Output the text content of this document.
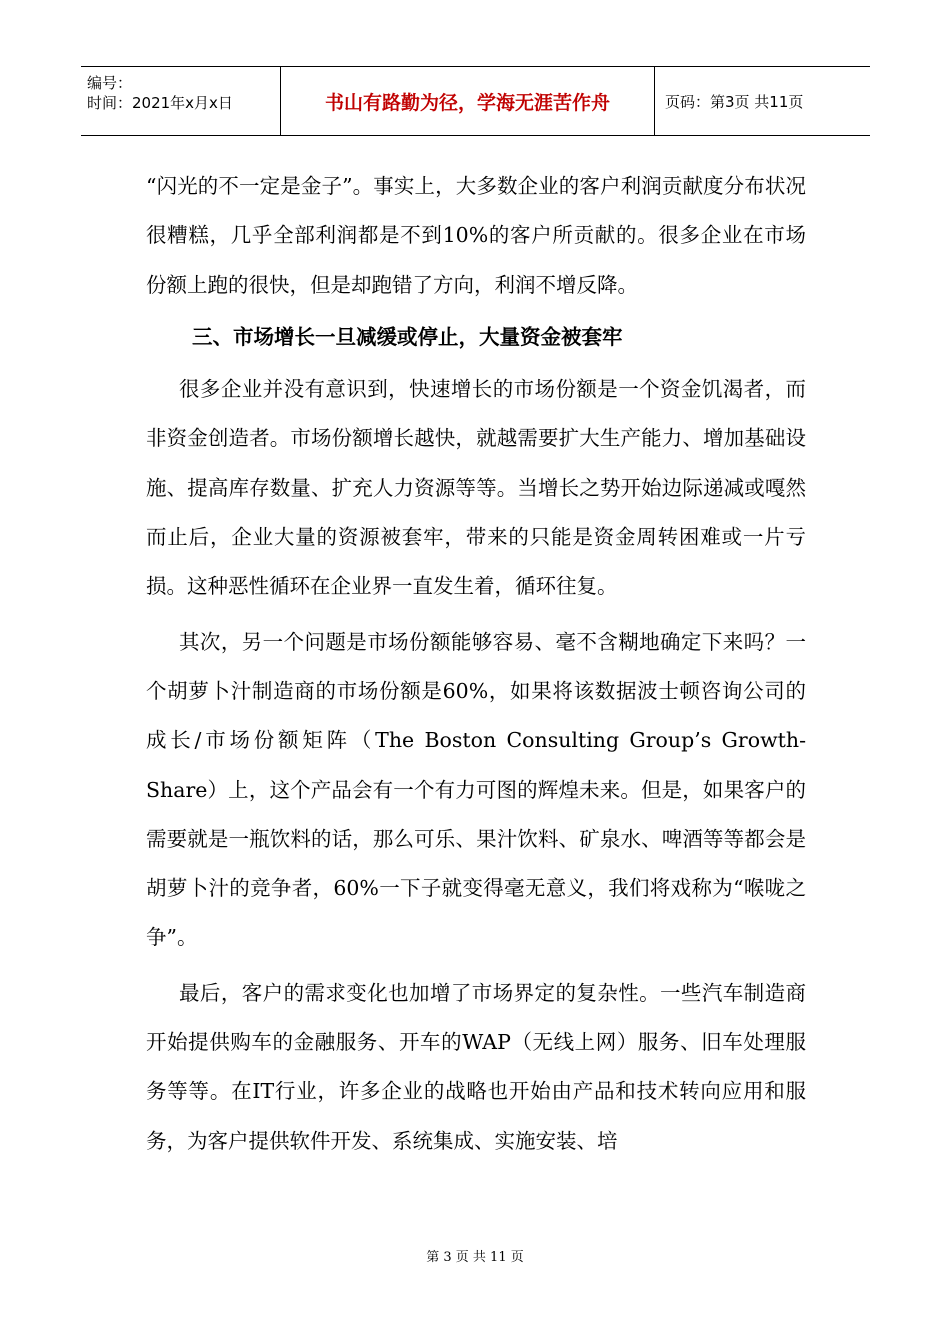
编号：
时间：2021年x月x日	书山有路勤为径，学海无涯苦作舟	页码：第3页 共11页

“闪光的不一定是金子”。事实上，大多数企业的客户利润贡献度分布状况很糟糕，几乎全部利润都是不到10%的客户所贡献的。很多企业在市场份额上跑的很快，但是却跑错了方向，利润不增反降。

三、市场增长一旦减缓或停止，大量资金被套牢

很多企业并没有意识到，快速增长的市场份额是一个资金饥渴者，而非资金创造者。市场份额增长越快，就越需要扩大生产能力、增加基础设施、提高库存数量、扩充人力资源等等。当增长之势开始边际递减或嘎然而止后，企业大量的资源被套牢，带来的只能是资金周转困难或一片亏损。这种恶性循环在企业界一直发生着，循环往复。

其次，另一个问题是市场份额能够容易、毫不含糊地确定下来吗？一个胡萝卜汁制造商的市场份额是60%，如果将该数据波士顿咨询公司的成长/市场份额矩阵（The Boston Consulting Group’s Growth-Share）上，这个产品会有一个有力可图的辉煌未来。但是，如果客户的需要就是一瓶饮料的话，那么可乐、果汁饮料、矿泉水、啤酒等等都会是胡萝卜汁的竞争者，60%一下子就变得毫无意义，我们将戏称为“喉咙之争”。

最后，客户的需求变化也加增了市场界定的复杂性。一些汽车制造商开始提供购车的金融服务、开车的WAP（无线上网）服务、旧车处理服务等等。在IT行业，许多企业的战略也开始由产品和技术转向应用和服务，为客户提供软件开发、系统集成、实施安装、培

第 3 页 共 11 页
